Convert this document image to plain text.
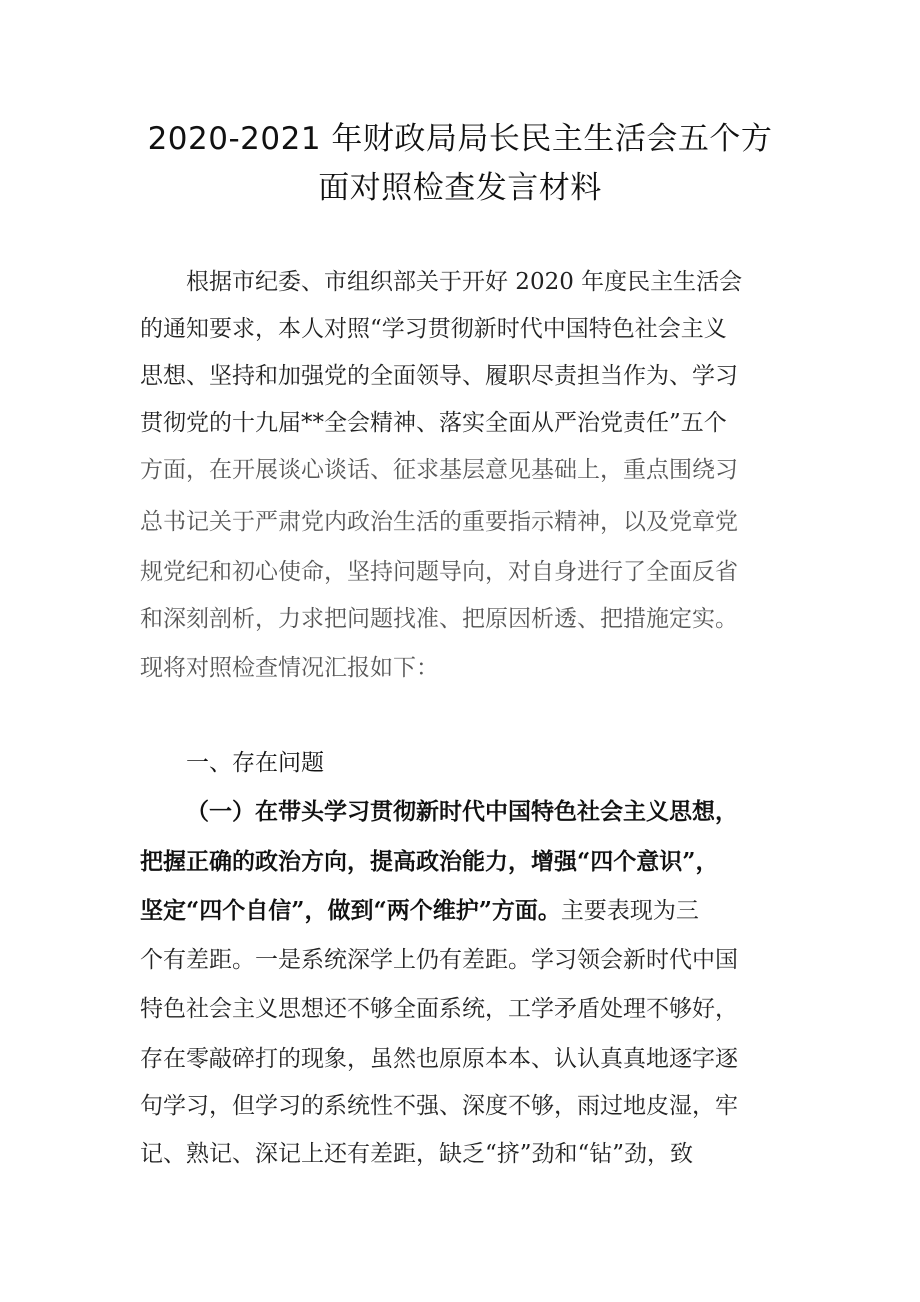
2020-2021 年财政局局长民主生活会五个方
面对照检查发言材料
根据市纪委、市组织部关于开好 2020 年度民主生活会
的通知要求，本人对照“学习贯彻新时代中国特色社会主义
思想、坚持和加强党的全面领导、履职尽责担当作为、学习
贯彻党的十九届**全会精神、落实全面从严治党责任”五个
方面，在开展谈心谈话、征求基层意见基础上，重点围绕习
总书记关于严肃党内政治生活的重要指示精神，以及党章党
规党纪和初心使命，坚持问题导向，对自身进行了全面反省
和深刻剖析，力求把问题找准、把原因析透、把措施定实。
现将对照检查情况汇报如下：
一、存在问题
（一）在带头学习贯彻新时代中国特色社会主义思想，
把握正确的政治方向，提高政治能力，增强“四个意识”，
坚定“四个自信”，做到“两个维护”方面。主要表现为三
个有差距。一是系统深学上仍有差距。学习领会新时代中国
特色社会主义思想还不够全面系统，工学矛盾处理不够好，
存在零敲碎打的现象，虽然也原原本本、认认真真地逐字逐
句学习，但学习的系统性不强、深度不够，雨过地皮湿，牢
记、熟记、深记上还有差距，缺乏“挤”劲和“钻”劲，致
